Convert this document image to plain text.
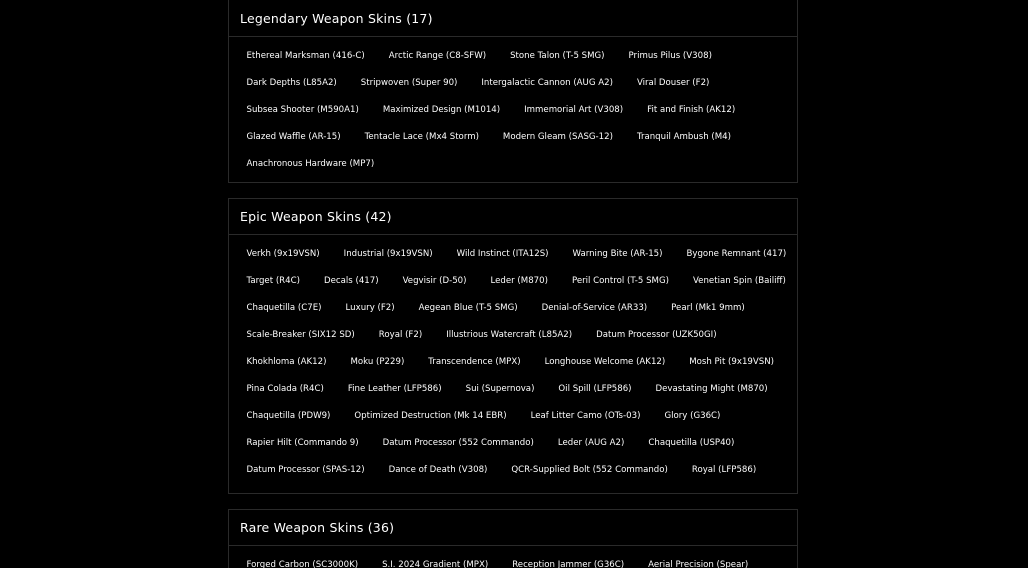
Legendary Weapon Skins (17)
Ethereal Marksman (416-C)	Arctic Range (C8-SFW)	Stone Talon (T-5 SMG)	Primus Pilus (V308)
Dark Depths (L85A2)	Stripwoven (Super 90)	Intergalactic Cannon (AUG A2)	Viral Douser (F2)
Subsea Shooter (M590A1)	Maximized Design (M1014)	Immemorial Art (V308)	Fit and Finish (AK12)
Glazed Waffle (AR-15)	Tentacle Lace (Mx4 Storm)	Modern Gleam (SASG-12)	Tranquil Ambush (M4)
Anachronous Hardware (MP7)
Epic Weapon Skins (42)
Verkh (9x19VSN)	Industrial (9x19VSN)	Wild Instinct (ITA12S)	Warning Bite (AR-15)	Bygone Remnant (417)
Target (R4C)	Decals (417)	Vegvisir (D-50)	Leder (M870)	Peril Control (T-5 SMG)	Venetian Spin (Bailiff)
Chaquetilla (C7E)	Luxury (F2)	Aegean Blue (T-5 SMG)	Denial-of-Service (AR33)	Pearl (Mk1 9mm)
Scale-Breaker (SIX12 SD)	Royal (F2)	Illustrious Watercraft (L85A2)	Datum Processor (UZK50GI)
Khokhloma (AK12)	Moku (P229)	Transcendence (MPX)	Longhouse Welcome (AK12)	Mosh Pit (9x19VSN)
Pina Colada (R4C)	Fine Leather (LFP586)	Sui (Supernova)	Oil Spill (LFP586)	Devastating Might (M870)
Chaquetilla (PDW9)	Optimized Destruction (Mk 14 EBR)	Leaf Litter Camo (OTs-03)	Glory (G36C)
Rapier Hilt (Commando 9)	Datum Processor (552 Commando)	Leder (AUG A2)	Chaquetilla (USP40)
Datum Processor (SPAS-12)	Dance of Death (V308)	QCR-Supplied Bolt (552 Commando)	Royal (LFP586)
Rare Weapon Skins (36)
Forged Carbon (SC3000K)	S.I. 2024 Gradient (MPX)	Reception Jammer (G36C)	Aerial Precision (Spear)
